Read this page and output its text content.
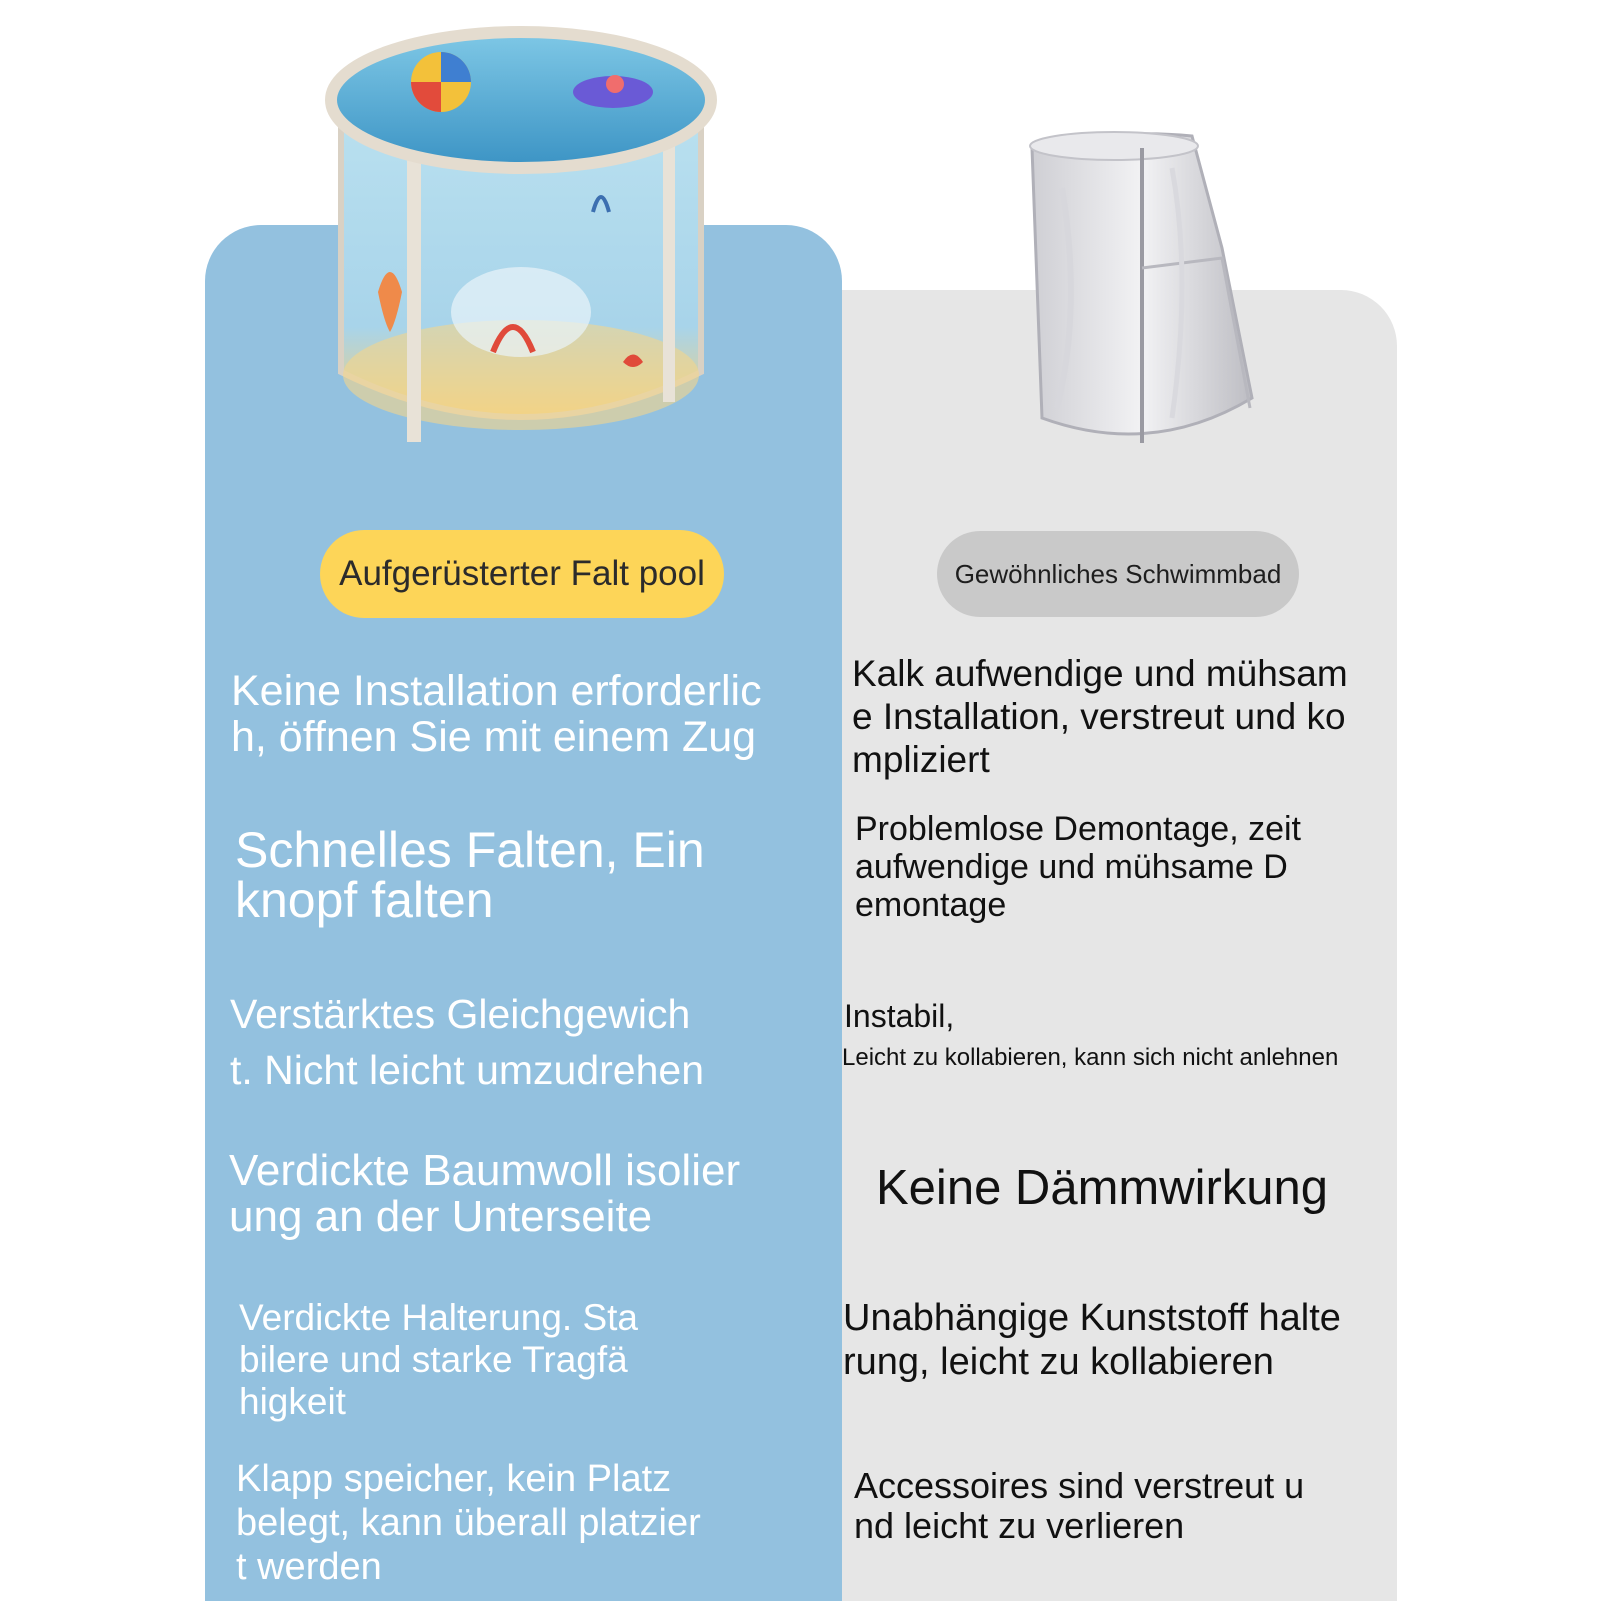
Aufgerüsterter Falt pool	Gewöhnliches Schwimmbad

Keine Installation erforderlic
h, öffnen Sie mit einem Zug

Schnelles Falten, Ein
knopf falten

Verstärktes Gleichgewich
t. Nicht leicht umzudrehen

Verdickte Baumwoll isolier
ung an der Unterseite

Verdickte Halterung. Sta
bilere und starke Tragfä
higkeit

Klapp speicher, kein Platz
belegt, kann überall platzier
t werden

Kalk aufwendige und mühsam
e Installation, verstreut und ko
mpliziert

Problemlose Demontage, zeit
aufwendige und mühsame D
emontage

Instabil,

Leicht zu kollabieren, kann sich nicht anlehnen

Keine Dämmwirkung

Unabhängige Kunststoff halte
rung, leicht zu kollabieren

Accessoires sind verstreut u
nd leicht zu verlieren
